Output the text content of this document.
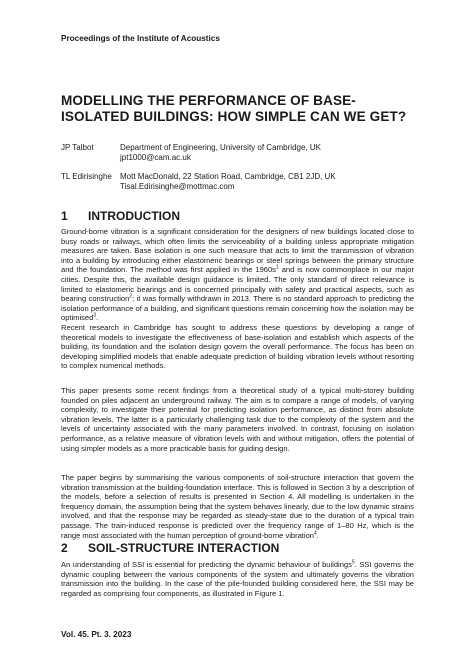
Proceedings of the Institute of Acoustics
MODELLING THE PERFORMANCE OF BASE-ISOLATED BUILDINGS: HOW SIMPLE CAN WE GET?
JP Talbot	Department of Engineering, University of Cambridge, UK
jpt1000@cam.ac.uk
TL Edirisinghe Mott MacDonald, 22 Station Road, Cambridge, CB1 2JD, UK
Tisal.Edirisinghe@mottmac.com
1 INTRODUCTION

Ground-borne vibration is a significant consideration for the designers of new buildings located close to busy roads or railways, which often limits the serviceability of a building unless appropriate mitigation measures are taken. Base isolation is one such measure that acts to limit the transmission of vibration into a building by introducing either elastomeric bearings or steel springs between the primary structure and the foundation. The method was first applied in the $1960s^1$ and is now commonplace in our major cities. Despite this, the available design guidance is limited. The only standard of direct relevance is limited to elastomeric bearings and is concerned principally with safety and practical aspects, such as bearing construction$^2$; it was formally withdrawn in 2013. There is no standard approach to predicting the isolation performance of a building, and significant questions remain concerning how the isolation may be optimised$^3$.

Recent research in Cambridge has sought to address these questions by developing a range of theoretical models to investigate the effectiveness of base-isolation and establish which aspects of the building, its foundation and the isolation design govern the overall performance. The focus has been on developing simplified models that enable adequate prediction of building vibration levels without resorting to complex numerical methods.

This paper presents some recent findings from a theoretical study of a typical multi-storey building founded on piles adjacent an underground railway. The aim is to compare a range of models, of varying complexity, to investigate their potential for predicting isolation performance, as distinct from absolute vibration levels. The latter is a particularly challenging task due to the complexity of the system and the levels of uncertainty associated with the many parameters involved. In contrast, focusing on isolation performance, as a relative measure of vibration levels with and without mitigation, offers the potential of using simpler models as a more practicable basis for guiding design.

The paper begins by summarising the various components of soil-structure interaction that govern the vibration transmission at the building-foundation interface. This is followed in Section 3 by a description of the models, before a selection of results is presented in Section 4. All modelling is undertaken in the frequency domain, the assumption being that the system behaves linearly, due to the low dynamic strains involved, and that the response may be regarded as steady-state due to the duration of a typical train passage. The train-induced response is predicted over the frequency range of 1–80 Hz, which is the range most associated with the human perception of ground-borne vibration$^4$.

2 SOIL-STRUCTURE INTERACTION

An understanding of SSI is essential for predicting the dynamic behaviour of buildings$^5$. SSI governs the dynamic coupling between the various components of the system and ultimately governs the vibration transmission into the building. In the case of the pile-founded building considered here, the SSI may be regarded as comprising four components, as illustrated in Figure 1.

Vol. 45. Pt. 3. 2023
